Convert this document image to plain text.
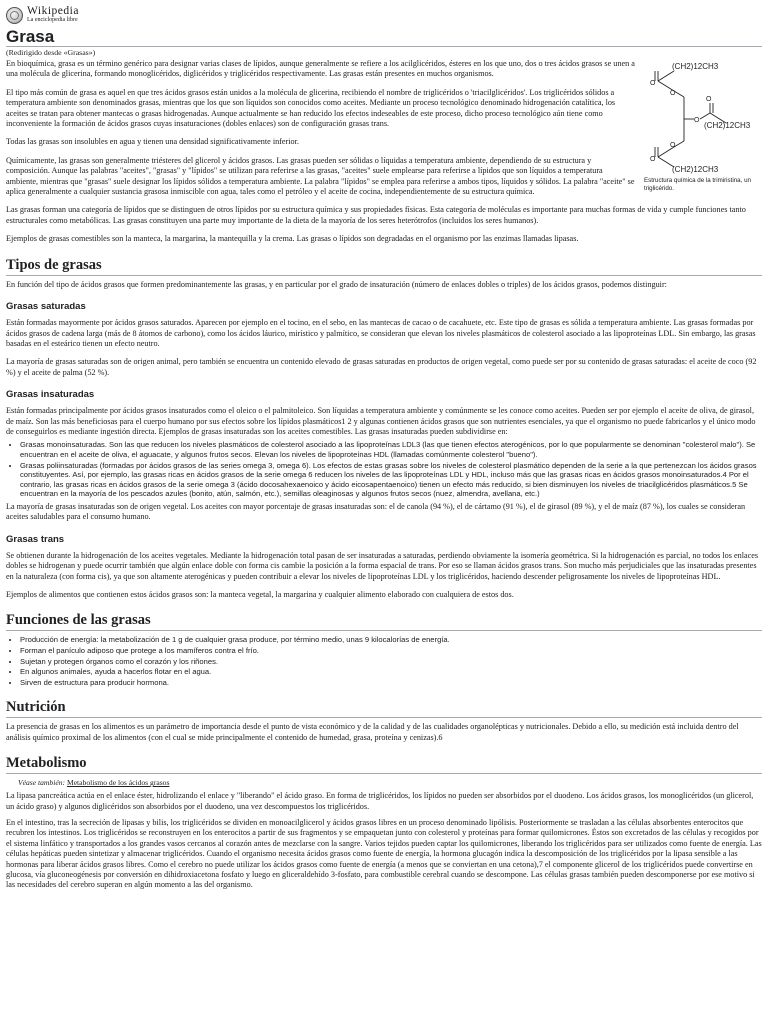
Wikipedia
La enciclopedia libre
Grasa
(Redirigido desde «Grasas»)
(CH2)12CH3
O
O
O
O
(CH2)12CH3
O
O
(CH2)12CH3
Estructura química de la trimiristina, un triglicérido.

En bioquímica, grasa es un término genérico para designar varias clases de lípidos, aunque generalmente se refiere a los acilglicéridos, ésteres en los que uno, dos o tres ácidos grasos se unen a una molécula de glicerina, formando monoglicéridos, diglicéridos y triglicéridos respectivamente. Las grasas están presentes en muchos organismos.

El tipo más común de grasa es aquel en que tres ácidos grasos están unidos a la molécula de glicerina, recibiendo el nombre de triglicéridos o 'triacilglicéridos'. Los triglicéridos sólidos a temperatura ambiente son denominados grasas, mientras que los que son líquidos son conocidos como aceites. Mediante un proceso tecnológico denominado hidrogenación catalítica, los aceites se tratan para obtener mantecas o grasas hidrogenadas. Aunque actualmente se han reducido los efectos indeseables de este proceso, dicho proceso tecnológico aún tiene como inconveniente la formación de ácidos grasos cuyas insaturaciones (dobles enlaces) son de configuración grasas trans.

Todas las grasas son insolubles en agua y tienen una densidad significativamente inferior.

Químicamente, las grasas son generalmente triésteres del glicerol y ácidos grasos. Las grasas pueden ser sólidas o líquidas a temperatura ambiente, dependiendo de su estructura y composición. Aunque las palabras "aceites", "grasas" y "lípidos" se utilizan para referirse a las grasas, "aceites" suele emplearse para referirse a lípidos que son líquidos a temperatura ambiente, mientras que "grasas" suele designar los lípidos sólidos a temperatura ambiente. La palabra "lípidos" se emplea para referirse a ambos tipos, líquidos y sólidos. La palabra "aceite" se aplica generalmente a cualquier sustancia grasosa inmiscible con agua, tales como el petróleo y el aceite de cocina, independientemente de su estructura química.

Las grasas forman una categoría de lípidos que se distinguen de otros lípidos por su estructura química y sus propiedades físicas. Esta categoría de moléculas es importante para muchas formas de vida y cumple funciones tanto estructurales como metabólicas. Las grasas constituyen una parte muy importante de la dieta de la mayoría de los seres heterótrofos (incluidos los seres humanos).

Ejemplos de grasas comestibles son la manteca, la margarina, la mantequilla y la crema. Las grasas o lípidos son degradadas en el organismo por las enzimas llamadas lipasas.

Tipos de grasas

En función del tipo de ácidos grasos que formen predominantemente las grasas, y en particular por el grado de insaturación (número de enlaces dobles o triples) de los ácidos grasos, podemos distinguir:

Grasas saturadas

Están formadas mayormente por ácidos grasos saturados. Aparecen por ejemplo en el tocino, en el sebo, en las mantecas de cacao o de cacahuete, etc. Este tipo de grasas es sólida a temperatura ambiente. Las grasas formadas por ácidos grasos de cadena larga (más de 8 átomos de carbono), como los ácidos láurico, mirístico y palmítico, se consideran que elevan los niveles plasmáticos de colesterol asociado a las lipoproteínas LDL. Sin embargo, las grasas basadas en el esteárico tienen un efecto neutro.

La mayoría de grasas saturadas son de origen animal, pero también se encuentra un contenido elevado de grasas saturadas en productos de origen vegetal, como puede ser por su contenido de grasas saturadas: el aceite de coco (92 %) y el aceite de palma (52 %).

Grasas insaturadas

Están formadas principalmente por ácidos grasos insaturados como el oleico o el palmitoleico. Son líquidas a temperatura ambiente y comúnmente se les conoce como aceites. Pueden ser por ejemplo el aceite de oliva, de girasol, de maíz. Son las más beneficiosas para el cuerpo humano por sus efectos sobre los lípidos plasmáticos1 2 y algunas contienen ácidos grasos que son nutrientes esenciales, ya que el organismo no puede fabricarlos y el único modo de conseguirlos es mediante ingestión directa. Ejemplos de grasas insaturadas son los aceites comestibles. Las grasas insaturadas pueden subdividirse en:

• Grasas monoinsaturadas. Son las que reducen los niveles plasmáticos de colesterol asociado a las lipoproteínas LDL3 (las que tienen efectos aterogénicos, por lo que popularmente se denominan "colesterol malo"). Se encuentran en el aceite de oliva, el aguacate, y algunos frutos secos. Elevan los niveles de lipoproteínas HDL (llamadas comúnmente colesterol "bueno").
• Grasas poliinsaturadas (formadas por ácidos grasos de las series omega 3, omega 6). Los efectos de estas grasas sobre los niveles de colesterol plasmático dependen de la serie a la que pertenezcan los ácidos grasos constituyentes. Así, por ejemplo, las grasas ricas en ácidos grasos de la serie omega 6 reducen los niveles de las lipoproteínas LDL y HDL, incluso más que las grasas ricas en ácidos grasos monoinsaturados.4 Por el contrario, las grasas ricas en ácidos grasos de la serie omega 3 (ácido docosahexaenoico y ácido eicosapentaenoico) tienen un efecto más reducido, si bien disminuyen los niveles de triacilglicéridos plasmáticos.5 Se encuentran en la mayoría de los pescados azules (bonito, atún, salmón, etc.), semillas oleaginosas y algunos frutos secos (nuez, almendra, avellana, etc.)

La mayoría de grasas insaturadas son de origen vegetal. Los aceites con mayor porcentaje de grasas insaturadas son: el de canola (94 %), el de cártamo (91 %), el de girasol (89 %), y el de maíz (87 %), los cuales se consideran aceites saludables para el consumo humano.

Grasas trans

Se obtienen durante la hidrogenación de los aceites vegetales. Mediante la hidrogenación total pasan de ser insaturadas a saturadas, perdiendo obviamente la isomería geométrica. Si la hidrogenación es parcial, no todos los enlaces dobles se hidrogenan y puede ocurrir también que algún enlace doble con forma cis cambie la posición a la forma espacial de trans. Por eso se llaman ácidos grasos trans. Son mucho más perjudiciales que las insaturadas presentes en la naturaleza (con forma cis), ya que son altamente aterogénicas y pueden contribuir a elevar los niveles de lipoproteínas LDL y los triglicéridos, haciendo descender peligrosamente los niveles de lipoproteínas HDL.

Ejemplos de alimentos que contienen estos ácidos grasos son: la manteca vegetal, la margarina y cualquier alimento elaborado con cualquiera de estos dos.

Funciones de las grasas
• Producción de energía: la metabolización de 1 g de cualquier grasa produce, por término medio, unas 9 kilocalorías de energía.
• Forman el panículo adiposo que protege a los mamíferos contra el frío.
• Sujetan y protegen órganos como el corazón y los riñones.
• En algunos animales, ayuda a hacerlos flotar en el agua.
• Sirven de estructura para producir hormona.
Nutrición

La presencia de grasas en los alimentos es un parámetro de importancia desde el punto de vista económico y de la calidad y de las cualidades organolépticas y nutricionales. Debido a ello, su medición está incluida dentro del análisis químico proximal de los alimentos (con el cual se mide principalmente el contenido de humedad, grasa, proteína y cenizas).6

Metabolismo
Véase también: Metabolismo de los ácidos grasos

La lipasa pancreática actúa en el enlace éster, hidrolizando el enlace y "liberando" el ácido graso. En forma de triglicéridos, los lípidos no pueden ser absorbidos por el duodeno. Los ácidos grasos, los monoglicéridos (un glicerol, un ácido graso) y algunos diglicéridos son absorbidos por el duodeno, una vez descompuestos los triglicéridos.

En el intestino, tras la secreción de lipasas y bilis, los triglicéridos se dividen en monoacilglicerol y ácidos grasos libres en un proceso denominado lipólisis. Posteriormente se trasladan a las células absorbentes enterocitos que recubren los intestinos. Los triglicéridos se reconstruyen en los enterocitos a partir de sus fragmentos y se empaquetan junto con colesterol y proteínas para formar quilomicrones. Éstos son excretados de las células y recogidos por el sistema linfático y transportados a los grandes vasos cercanos al corazón antes de mezclarse con la sangre. Varios tejidos pueden captar los quilomicrones, liberando los triglicéridos para ser utilizados como fuente de energía. Las células hepáticas pueden sintetizar y almacenar triglicéridos. Cuando el organismo necesita ácidos grasos como fuente de energía, la hormona glucagón indica la descomposición de los triglicéridos por la lipasa sensible a las hormonas para liberar ácidos grasos libres. Como el cerebro no puede utilizar los ácidos grasos como fuente de energía (a menos que se conviertan en una cetona),7 el componente glicerol de los triglicéridos puede convertirse en glucosa, vía gluconeogénesis por conversión en dihidroxiacetona fosfato y luego en gliceraldehído 3-fosfato, para combustible cerebral cuando se descompone. Las células grasas también pueden descomponerse por ese motivo si las necesidades del cerebro superan en algún momento a las del organismo.
